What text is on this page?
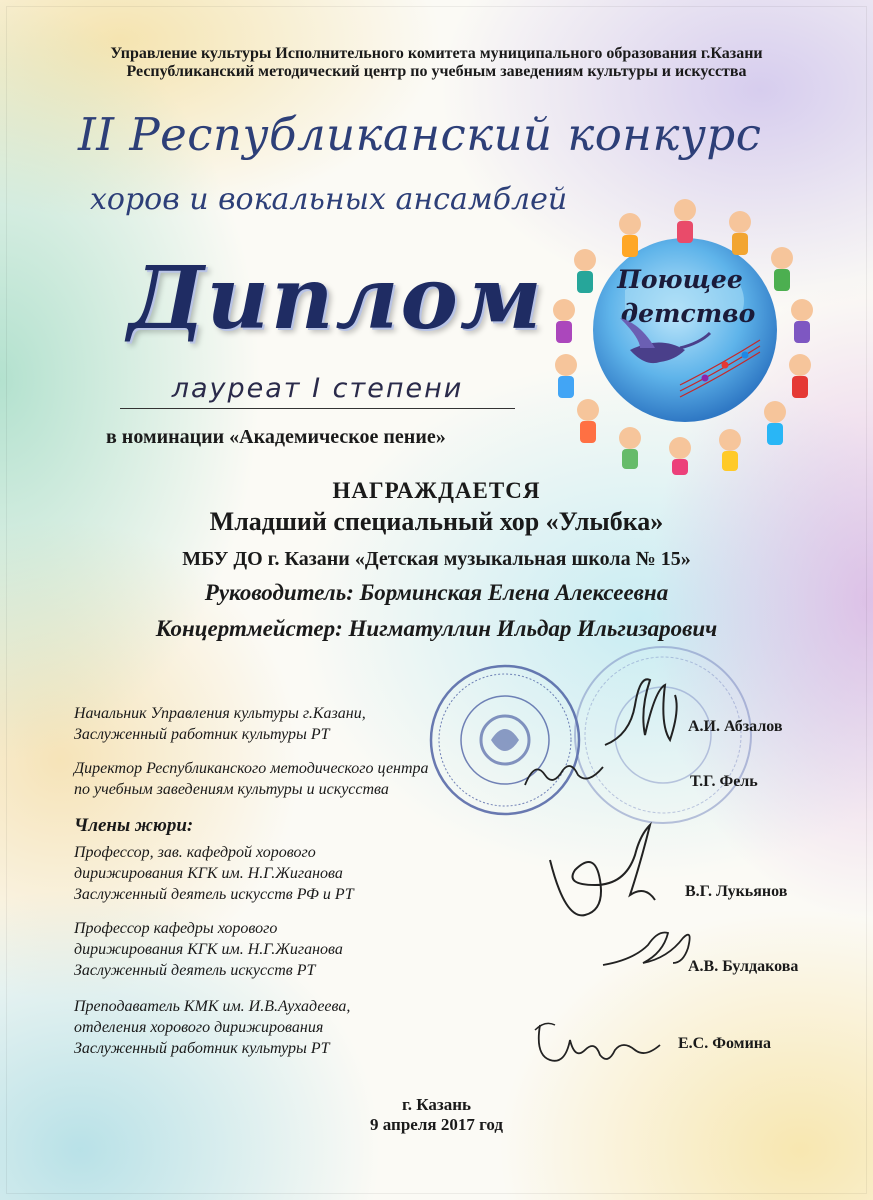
Управление культуры Исполнительного комитета муниципального образования г.Казани
Республиканский методический центр по учебным заведениям культуры и искусства
II Республиканский конкурс
хоров и вокальных ансамблей
Диплом	Поющее
детство
лауреат I степени
в номинации «Академическое пение»
НАГРАЖДАЕТСЯ
Младший специальный хор «Улыбка»
МБУ ДО г. Казани «Детская музыкальная школа № 15»
Руководитель: Борминская Елена Алексеевна
Концертмейстер: Нигматуллин Ильдар Ильгизарович
Начальник Управления культуры г.Казани,
Заслуженный работник культуры РТ	А.И. Абзалов
Директор Республиканского методического центра
по учебным заведениям культуры и искусства	Т.Г. Фель
Члены жюри:
Профессор, зав. кафедрой хорового
дирижирования КГК им. Н.Г.Жиганова
Заслуженный деятель искусств РФ и РТ	В.Г. Лукьянов
Профессор кафедры хорового
дирижирования КГК им. Н.Г.Жиганова
Заслуженный деятель искусств РТ	А.В. Булдакова
Преподаватель КМК им. И.В.Аухадеева,
отделения хорового дирижирования
Заслуженный работник культуры РТ	Е.С. Фомина
г. Казань
9 апреля 2017 год
